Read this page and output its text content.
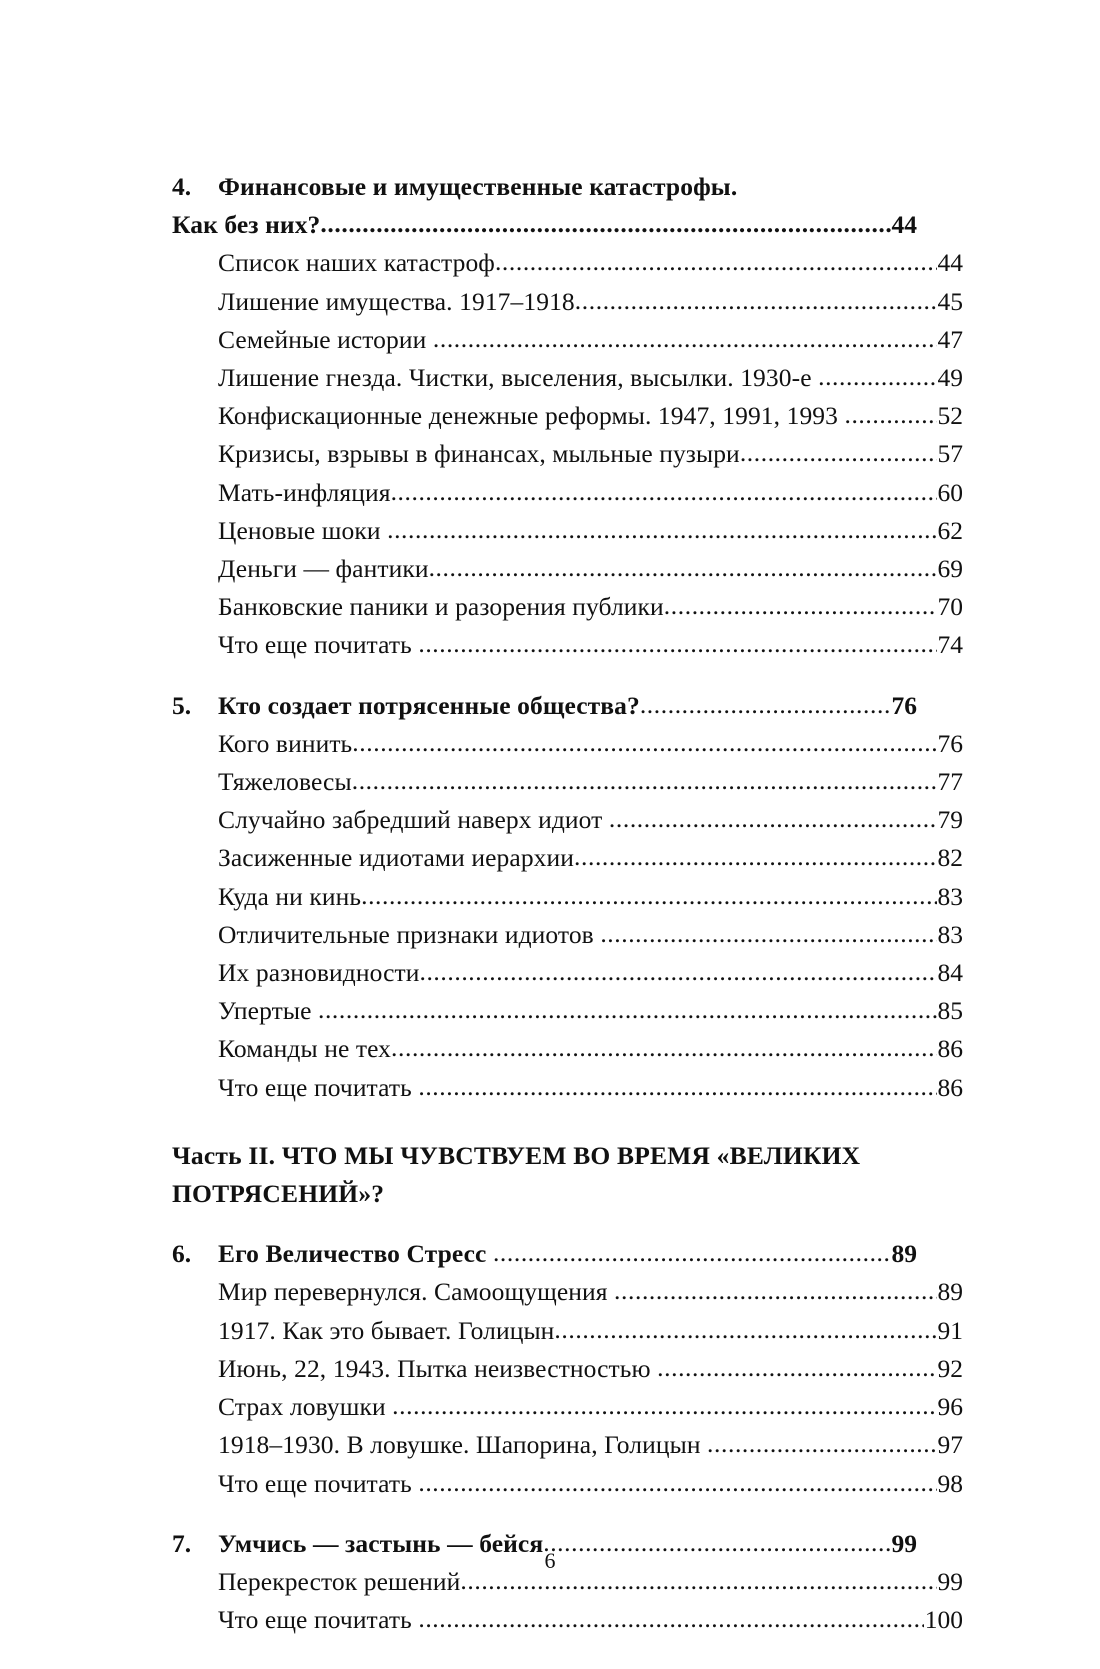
4.	Финансовые и имущественные катастрофы.
Как без них? .....	44
Список наших катастроф .....	44
Лишение имущества. 1917–1918 .....	45
Семейные истории .....	47
Лишение гнезда. Чистки, выселения, высылки. 1930-е .....	49
Конфискационные денежные реформы. 1947, 1991, 1993 .....	52
Кризисы, взрывы в финансах, мыльные пузыри .....	57
Мать-инфляция .....	60
Ценовые шоки .....	62
Деньги — фантики .....	69
Банковские паники и разорения публики .....	70
Что еще почитать .....	74
5.	Кто создает потрясенные общества? .....	76
Кого винить .....	76
Тяжеловесы .....	77
Случайно забредший наверх идиот .....	79
Засиженные идиотами иерархии .....	82
Куда ни кинь .....	83
Отличительные признаки идиотов .....	83
Их разновидности .....	84
Упертые .....	85
Команды не тех .....	86
Что еще почитать .....	86
Часть II. ЧТО МЫ ЧУВСТВУЕМ ВО ВРЕМЯ «ВЕЛИКИХ ПОТРЯСЕНИЙ»?
6.	Его Величество Стресс .....	89
Мир перевернулся. Самоощущения .....	89
1917. Как это бывает. Голицын .....	91
Июнь, 22, 1943. Пытка неизвестностью .....	92
Страх ловушки .....	96
1918–1930. В ловушке. Шапорина, Голицын .....	97
Что еще почитать .....	98
7.	Умчись — застынь — бейся .....	99
Перекресток решений .....	99
Что еще почитать .....	100
6
